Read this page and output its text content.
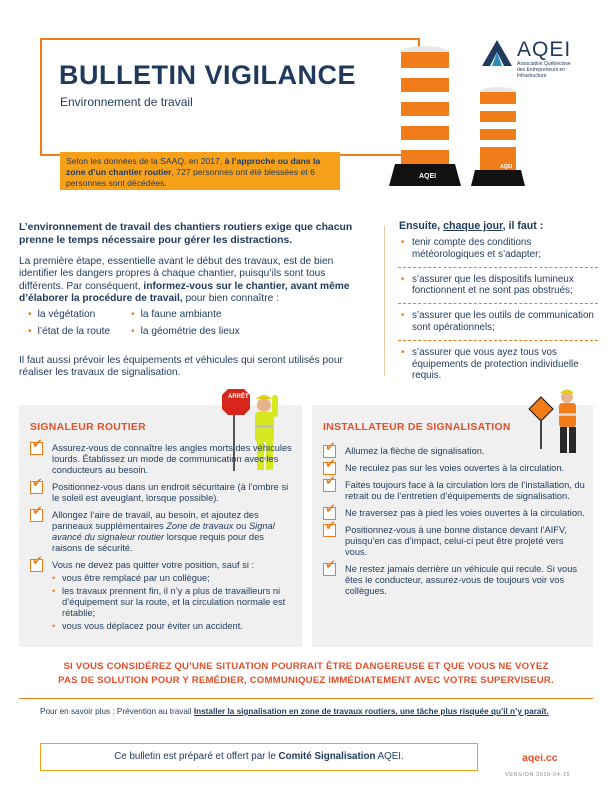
BULLETIN VIGILANCE
Environnement de travail
Selon les données de la SAAQ, en 2017, à l’approche ou dans la zone d’un chantier routier, 727 personnes ont été blessées et 6 personnes sont décédées.
AQEI
AQEI
AQEI
Association Québécoise
des Entrepreneurs en
Infrastructure
L’environnement de travail des chantiers routiers exige que chacun prenne le temps nécessaire pour gérer les distractions.
La première étape, essentielle avant le début des travaux, est de bien identifier les dangers propres à chaque chantier, puisqu’ils sont tous différents. Par conséquent, informez-vous sur le chantier, avant même d’élaborer la procédure de travail, pour bien connaître :
• la végétation
• l’état de la route
• la faune ambiante
• la géométrie des lieux
Il faut aussi prévoir les équipements et véhicules qui seront utilisés pour réaliser les travaux de signalisation.
Ensuite, chaque jour, il faut :
• tenir compte des conditions météorologiques et s’adapter;
• s’assurer que les dispositifs lumineux fonctionnent et ne sont pas obstrués;
• s’assurer que les outils de communication sont opérationnels;
• s’assurer que vous ayez tous vos équipements de protection individuelle requis.
SIGNALEUR ROUTIER
ARRÊT
✔
Assurez-vous de connaître les angles morts des véhicules lourds. Établissez un mode de communication avec les conducteurs au besoin.
✔
Positionnez-vous dans un endroit sécuritaire (à l’ombre si le soleil est aveuglant, lorsque possible).
✔
Allongez l’aire de travail, au besoin, et ajoutez des panneaux supplémentaires Zone de travaux ou Signal avancé du signaleur routier lorsque requis pour des raisons de sécurité.
✔
Vous ne devez pas quitter votre position, sauf si :
• vous être remplacé par un collègue;
• les travaux prennent fin, il n’y a plus de travailleurs ni d’équipement sur la route, et la circulation normale est rétablie;
• vous vous déplacez pour éviter un accident.
INSTALLATEUR DE SIGNALISATION
✔
Allumez la flèche de signalisation.
✔
Ne reculez pas sur les voies ouvertes à la circulation.
✔
Faites toujours face à la circulation lors de l’installation, du retrait ou de l’entretien d’équipements de signalisation.
✔
Ne traversez pas à pied les voies ouvertes à la circulation.
✔
Positionnez-vous à une bonne distance devant l’AIFV, puisqu’en cas d’impact, celui-ci peut être projeté vers vous.
✔
Ne restez jamais derrière un véhicule qui recule. Si vous êtes le conducteur, assurez-vous de toujours voir vos collègues.
SI VOUS CONSIDÉREZ QU’UNE SITUATION POURRAIT ÊTRE DANGEREUSE ET QUE VOUS NE VOYEZ
PAS DE SOLUTION POUR Y REMÉDIER, COMMUNIQUEZ IMMÉDIATEMENT AVEC VOTRE SUPERVISEUR.
Pour en savoir plus : Prévention au travail Installer la signalisation en zone de travaux routiers, une tâche plus risquée qu’il n’y paraît.
Ce bulletin est préparé et offert par le Comité Signalisation AQEI.	aqei.cc
VERSION 2019-04-15
